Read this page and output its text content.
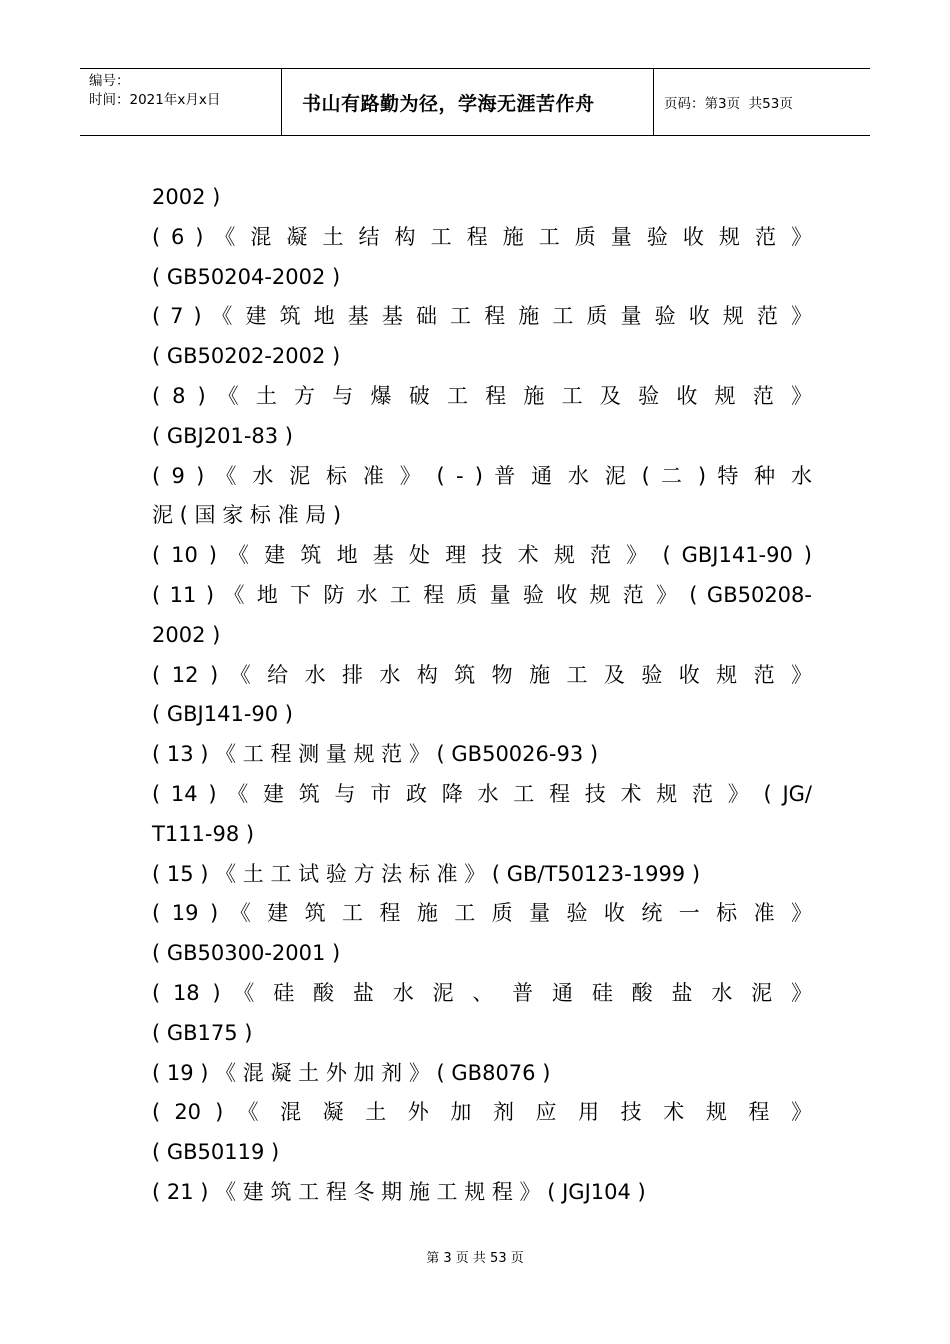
编号：
时间：2021年x月x日	书山有路勤为径，学海无涯苦作舟	页码：第3页  共53页
2002 )
( 6 ) 《 混 凝 土 结 构 工 程 施 工 质 量 验 收 规 范 》
( GB50204-2002 )
( 7 ) 《 建 筑 地 基 基 础 工 程 施 工 质 量 验 收 规 范 》
( GB50202-2002 )
( 8 ) 《 土 方 与 爆 破 工 程 施 工 及 验 收 规 范 》
( GBJ201-83 )
( 9 ) 《 水 泥 标 准 》 ( - ) 普 通 水 泥 ( 二 ) 特 种 水
泥 ( 国 家 标 准 局 )
( 10 ) 《 建 筑 地 基 处 理 技 术 规 范 》 ( GBJ141-90 )
( 11 ) 《 地 下 防 水 工 程 质 量 验 收 规 范 》 ( GB50208-
2002 )
( 12 ) 《 给 水 排 水 构 筑 物 施 工 及 验 收 规 范 》
( GBJ141-90 )
( 13 ) 《 工 程 测 量 规 范 》 ( GB50026-93 )
( 14 ) 《 建 筑 与 市 政 降 水 工 程 技 术 规 范 》 ( JG/
T111-98 )
( 15 ) 《 土 工 试 验 方 法 标 准 》 ( GB/T50123-1999 )
( 19 ) 《 建 筑 工 程 施 工 质 量 验 收 统 一 标 准 》
( GB50300-2001 )
( 18 ) 《 硅 酸 盐 水 泥 、 普 通 硅 酸 盐 水 泥 》
( GB175 )
( 19 ) 《 混 凝 土 外 加 剂 》 ( GB8076 )
( 20 ) 《 混 凝 土 外 加 剂 应 用 技 术 规 程 》
( GB50119 )
( 21 ) 《 建 筑 工 程 冬 期 施 工 规 程 》 ( JGJ104 )
第 3 页 共 53 页
